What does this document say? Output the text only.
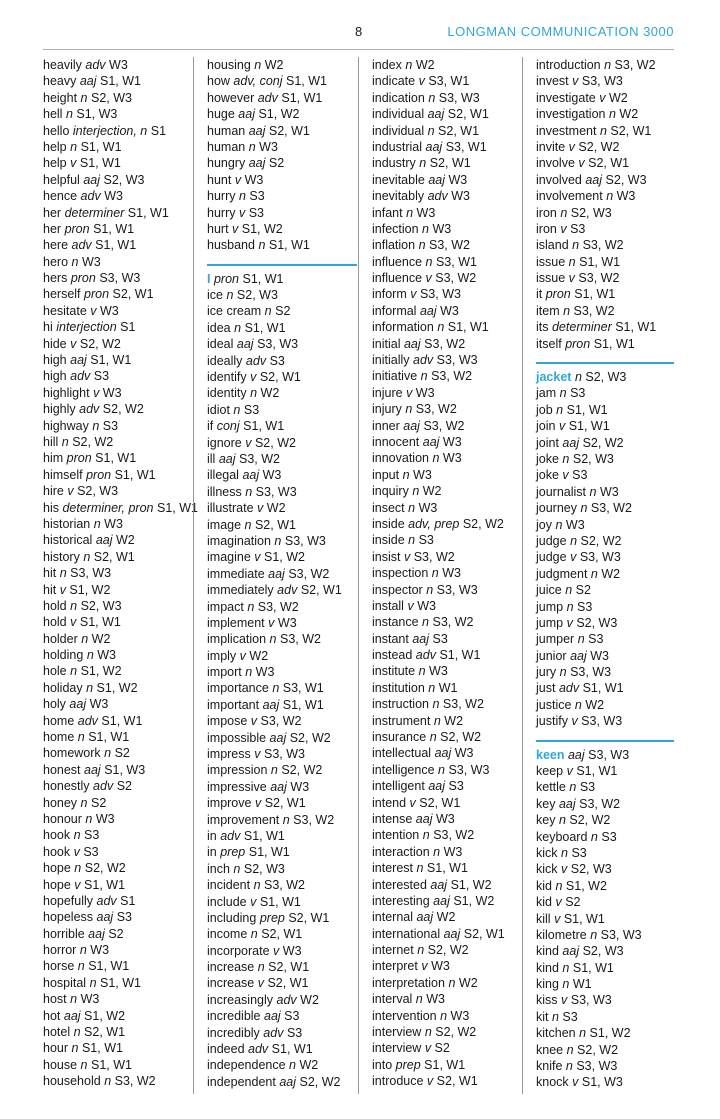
8	LONGMAN COMMUNICATION 3000
heavily adv W3
heavy aaj S1, W1
height n S2, W3
hell n S1, W3
hello interjection, n S1
help n S1, W1
help v S1, W1
helpful aaj S2, W3
hence adv W3
her determiner S1, W1
her pron S1, W1
here adv S1, W1
hero n W3
hers pron S3, W3
herself pron S2, W1
hesitate v W3
hi interjection S1
hide v S2, W2
high aaj S1, W1
high adv S3
highlight v W3
highly adv S2, W2
highway n S3
hill n S2, W2
him pron S1, W1
himself pron S1, W1
hire v S2, W3
his determiner, pron S1, W1
historian n W3
historical aaj W2
history n S2, W1
hit n S3, W3
hit v S1, W2
hold n S2, W3
hold v S1, W1
holder n W2
holding n W3
hole n S1, W2
holiday n S1, W2
holy aaj W3
home adv S1, W1
home n S1, W1
homework n S2
honest aaj S1, W3
honestly adv S2
honey n S2
honour n W3
hook n S3
hook v S3
hope n S2, W2
hope v S1, W1
hopefully adv S1
hopeless aaj S3
horrible aaj S2
horror n W3
horse n S1, W1
hospital n S1, W1
host n W3
hot aaj S1, W2
hotel n S2, W1
hour n S1, W1
house n S1, W1
household n S3, W2
housing n W2
how adv, conj S1, W1
however adv S1, W1
huge aaj S1, W2
human aaj S2, W1
human n W3
hungry aaj S2
hunt v W3
hurry n S3
hurry v S3
hurt v S1, W2
husband n S1, W1
I pron S1, W1
ice n S2, W3
ice cream n S2
idea n S1, W1
ideal aaj S3, W3
ideally adv S3
identify v S2, W1
identity n W2
idiot n S3
if conj S1, W1
ignore v S2, W2
ill aaj S3, W2
illegal aaj W3
illness n S3, W3
illustrate v W2
image n S2, W1
imagination n S3, W3
imagine v S1, W2
immediate aaj S3, W2
immediately adv S2, W1
impact n S3, W2
implement v W3
implication n S3, W2
imply v W2
import n W3
importance n S3, W1
important aaj S1, W1
impose v S3, W2
impossible aaj S2, W2
impress v S3, W3
impression n S2, W2
impressive aaj W3
improve v S2, W1
improvement n S3, W2
in adv S1, W1
in prep S1, W1
inch n S2, W3
incident n S3, W2
include v S1, W1
including prep S2, W1
income n S2, W1
incorporate v W3
increase n S2, W1
increase v S2, W1
increasingly adv W2
incredible aaj S3
incredibly adv S3
indeed adv S1, W1
independence n W2
independent aaj S2, W2
index n W2
indicate v S3, W1
indication n S3, W3
individual aaj S2, W1
individual n S2, W1
industrial aaj S3, W1
industry n S2, W1
inevitable aaj W3
inevitably adv W3
infant n W3
infection n W3
inflation n S3, W2
influence n S3, W1
influence v S3, W2
inform v S3, W3
informal aaj W3
information n S1, W1
initial aaj S3, W2
initially adv S3, W3
initiative n S3, W2
injure v W3
injury n S3, W2
inner aaj S3, W2
innocent aaj W3
innovation n W3
input n W3
inquiry n W2
insect n W3
inside adv, prep S2, W2
inside n S3
insist v S3, W2
inspection n W3
inspector n S3, W3
install v W3
instance n S3, W2
instant aaj S3
instead adv S1, W1
institute n W3
institution n W1
instruction n S3, W2
instrument n W2
insurance n S2, W2
intellectual aaj W3
intelligence n S3, W3
intelligent aaj S3
intend v S2, W1
intense aaj W3
intention n S3, W2
interaction n W3
interest n S1, W1
interested aaj S1, W2
interesting aaj S1, W2
internal aaj W2
international aaj S2, W1
internet n S2, W2
interpret v W3
interpretation n W2
interval n W3
intervention n W3
interview n S2, W2
interview v S2
into prep S1, W1
introduce v S2, W1
introduction n S3, W2
invest v S3, W3
investigate v W2
investigation n W2
investment n S2, W1
invite v S2, W2
involve v S2, W1
involved aaj S2, W3
involvement n W3
iron n S2, W3
iron v S3
island n S3, W2
issue n S1, W1
issue v S3, W2
it pron S1, W1
item n S3, W2
its determiner S1, W1
itself pron S1, W1
jacket n S2, W3
jam n S3
job n S1, W1
join v S1, W1
joint aaj S2, W2
joke n S2, W3
joke v S3
journalist n W3
journey n S3, W2
joy n W3
judge n S2, W2
judge v S3, W3
judgment n W2
juice n S2
jump n S3
jump v S2, W3
jumper n S3
junior aaj W3
jury n S3, W3
just adv S1, W1
justice n W2
justify v S3, W3
keen aaj S3, W3
keep v S1, W1
kettle n S3
key aaj S3, W2
key n S2, W2
keyboard n S3
kick n S3
kick v S2, W3
kid n S1, W2
kid v S2
kill v S1, W1
kilometre n S3, W3
kind aaj S2, W3
kind n S1, W1
king n W1
kiss v S3, W3
kit n S3
kitchen n S1, W2
knee n S2, W2
knife n S3, W3
knock v S1, W3
